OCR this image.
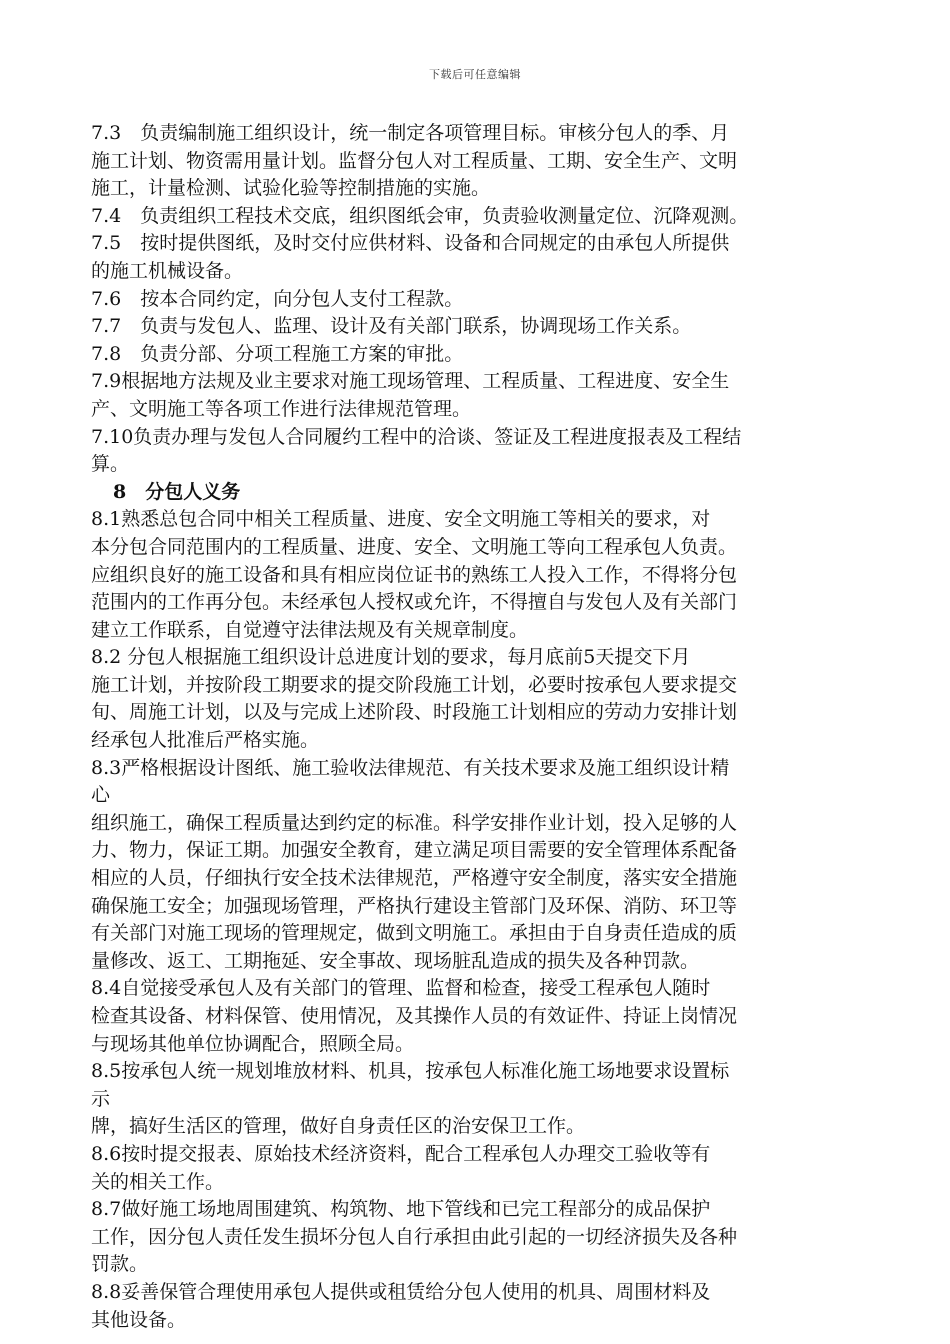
下载后可任意编辑
7.3　负责编制施工组织设计，统一制定各项管理目标。审核分包人的季、月
施工计划、物资需用量计划。监督分包人对工程质量、工期、安全生产、文明
施工，计量检测、试验化验等控制措施的实施。
7.4　负责组织工程技术交底，组织图纸会审，负责验收测量定位、沉降观测。
7.5　按时提供图纸，及时交付应供材料、设备和合同规定的由承包人所提供
的施工机械设备。
7.6　按本合同约定，向分包人支付工程款。
7.7　负责与发包人、监理、设计及有关部门联系，协调现场工作关系。
7.8　负责分部、分项工程施工方案的审批。
7.9根据地方法规及业主要求对施工现场管理、工程质量、工程进度、安全生
产、文明施工等各项工作进行法律规范管理。
7.10负责办理与发包人合同履约工程中的洽谈、签证及工程进度报表及工程结
算。
8　分包人义务
8.1熟悉总包合同中相关工程质量、进度、安全文明施工等相关的要求，对
本分包合同范围内的工程质量、进度、安全、文明施工等向工程承包人负责。
应组织良好的施工设备和具有相应岗位证书的熟练工人投入工作，不得将分包
范围内的工作再分包。未经承包人授权或允许，不得擅自与发包人及有关部门
建立工作联系，自觉遵守法律法规及有关规章制度。
8.2 分包人根据施工组织设计总进度计划的要求，每月底前5天提交下月
施工计划，并按阶段工期要求的提交阶段施工计划，必要时按承包人要求提交
旬、周施工计划，以及与完成上述阶段、时段施工计划相应的劳动力安排计划
经承包人批准后严格实施。
8.3严格根据设计图纸、施工验收法律规范、有关技术要求及施工组织设计精
心
组织施工，确保工程质量达到约定的标准。科学安排作业计划，投入足够的人
力、物力，保证工期。加强安全教育，建立满足项目需要的安全管理体系配备
相应的人员，仔细执行安全技术法律规范，严格遵守安全制度，落实安全措施
确保施工安全；加强现场管理，严格执行建设主管部门及环保、消防、环卫等
有关部门对施工现场的管理规定，做到文明施工。承担由于自身责任造成的质
量修改、返工、工期拖延、安全事故、现场脏乱造成的损失及各种罚款。
8.4自觉接受承包人及有关部门的管理、监督和检查，接受工程承包人随时
检查其设备、材料保管、使用情况，及其操作人员的有效证件、持证上岗情况
与现场其他单位协调配合，照顾全局。
8.5按承包人统一规划堆放材料、机具，按承包人标准化施工场地要求设置标
示
牌，搞好生活区的管理，做好自身责任区的治安保卫工作。
8.6按时提交报表、原始技术经济资料，配合工程承包人办理交工验收等有
关的相关工作。
8.7做好施工场地周围建筑、构筑物、地下管线和已完工程部分的成品保护
工作，因分包人责任发生损坏分包人自行承担由此引起的一切经济损失及各种
罚款。
8.8妥善保管合理使用承包人提供或租赁给分包人使用的机具、周围材料及
其他设备。
